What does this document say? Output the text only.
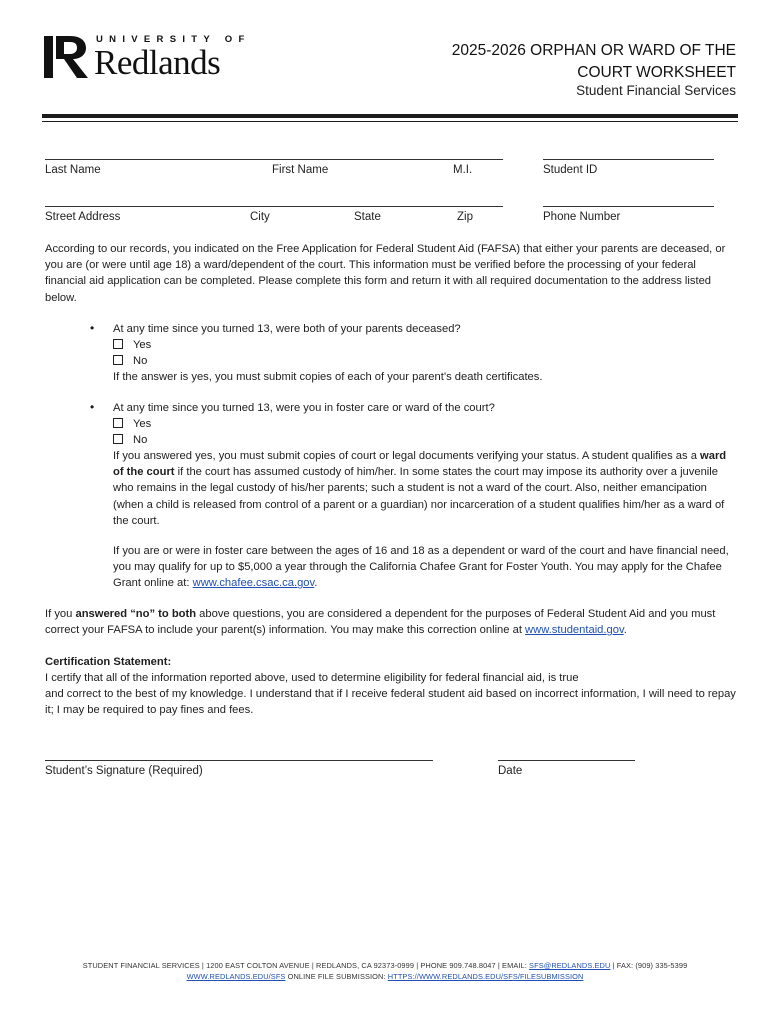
UNIVERSITY OF
Redlands	2025-2026 ORPHAN OR WARD OF THE
COURT WORKSHEET
Student Financial Services
Last Name	First Name	M.I.	Student ID
Street Address	City	State	Zip	Phone Number
According to our records, you indicated on the Free Application for Federal Student Aid (FAFSA) that either your parents are deceased, or you are (or were until age 18) a ward/dependent of the court. This information must be verified before the processing of your federal financial aid application can be completed. Please complete this form and return it with all required documentation to the address listed below.
• At any time since you turned 13, were both of your parents deceased?
Yes
No
If the answer is yes, you must submit copies of each of your parent’s death certificates.
• At any time since you turned 13, were you in foster care or ward of the court?
Yes
No
If you answered yes, you must submit copies of court or legal documents verifying your status. A student qualifies as a ward of the court if the court has assumed custody of him/her. In some states the court may impose its authority over a juvenile who remains in the legal custody of his/her parents; such a student is not a ward of the court. Also, neither emancipation (when a child is released from control of a parent or a guardian) nor incarceration of a student qualifies him/her as a ward of the court.
If you are or were in foster care between the ages of 16 and 18 as a dependent or ward of the court and have financial need, you may qualify for up to $5,000 a year through the California Chafee Grant for Foster Youth. You may apply for the Chafee Grant online at: www.chafee.csac.ca.gov.
If you answered “no” to both above questions, you are considered a dependent for the purposes of Federal Student Aid and you must correct your FAFSA to include your parent(s) information. You may make this correction online at www.studentaid.gov.
Certification Statement:
I certify that all of the information reported above, used to determine eligibility for federal financial aid, is true
and correct to the best of my knowledge. I understand that if I receive federal student aid based on incorrect information, I will need to repay it; I may be required to pay fines and fees.
Student’s Signature (Required)	Date
STUDENT FINANCIAL SERVICES | 1200 EAST COLTON AVENUE | REDLANDS, CA 92373-0999 | PHONE 909.748.8047 | EMAIL: SFS@REDLANDS.EDU | FAX: (909) 335-5399
WWW.REDLANDS.EDU/SFS ONLINE FILE SUBMISSION: HTTPS://WWW.REDLANDS.EDU/SFS/FILESUBMISSION
